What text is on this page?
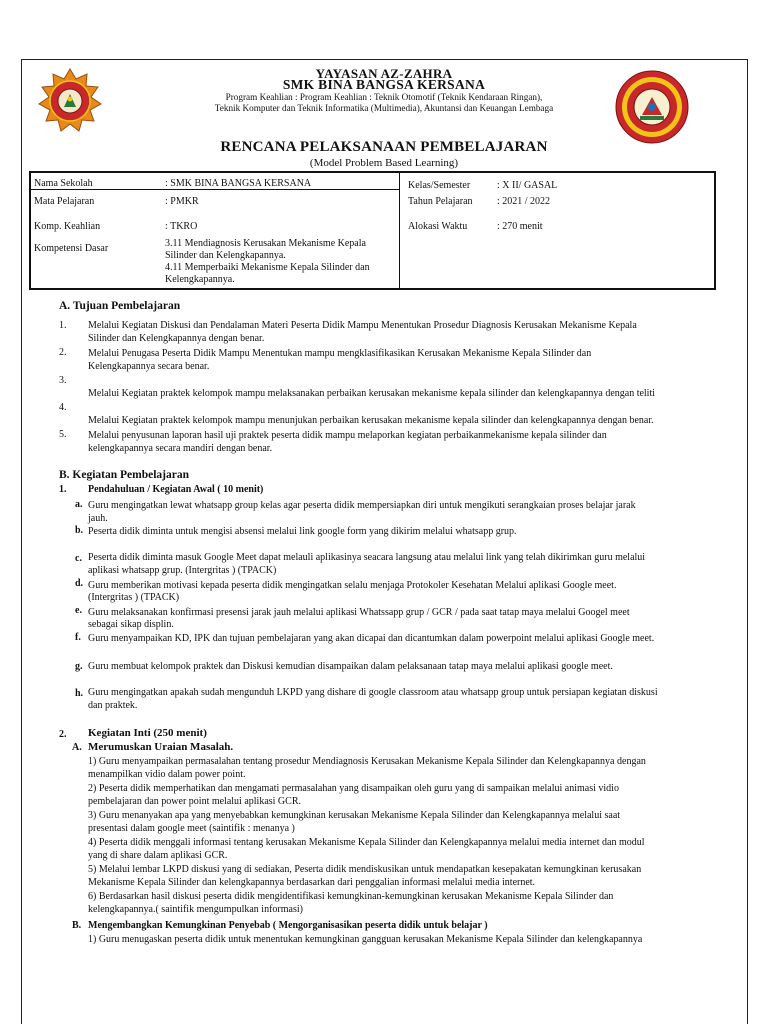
YAYASAN AZ-ZAHRA
SMK BINA BANGSA KERSANA
Program Keahlian : Program Keahlian : Teknik Otomotif (Teknik Kendaraan Ringan),
Teknik Komputer dan Teknik Informatika (Multimedia), Akuntansi dan Keuangan Lembaga
RENCANA PELAKSANAAN PEMBELAJARAN
(Model Problem Based Learning)
Nama Sekolah	: SMK BINA BANGSA KERSANA
Mata Pelajaran	: PMKR
Komp. Keahlian	: TKRO
Kompetensi Dasar	3.11 Mendiagnosis Kerusakan Mekanisme Kepala
Silinder dan Kelengkapannya.
4.11 Memperbaiki Mekanisme Kepala Silinder dan
Kelengkapannya.

Kelas/Semester	: X II/ GASAL
Tahun Pelajaran : 2021 / 2022
Alokasi Waktu	: 270 menit
A. Tujuan Pembelajaran
1. Melalui Kegiatan Diskusi dan Pendalaman Materi Peserta Didik Mampu Menentukan Prosedur Diagnosis Kerusakan Mekanisme Kepala
Silinder dan Kelengkapannya dengan benar.
2. Melalui Penugasa Peserta Didik Mampu Menentukan mampu mengklasifikasikan Kerusakan Mekanisme Kepala Silinder dan
Kelengkapannya secara benar.
3.
Melalui Kegiatan praktek kelompok mampu melaksanakan perbaikan kerusakan mekanisme kepala silinder dan kelengkapannya dengan teliti
4.
Melalui Kegiatan praktek kelompok mampu menunjukan perbaikan kerusakan mekanisme kepala silinder dan kelengkapannya dengan benar.
5. Melalui penyusunan laporan hasil uji praktek peserta didik mampu melaporkan kegiatan perbaikanmekanisme kepala silinder dan
kelengkapannya secara mandiri dengan benar.
B. Kegiatan Pembelajaran
1. Pendahuluan / Kegiatan Awal ( 10 menit)
a. Guru mengingatkan lewat whatsapp group kelas agar peserta didik mempersiapkan diri untuk mengikuti serangkaian proses belajar jarak
jauh.
b. Peserta didik diminta untuk mengisi absensi melalui link google form yang dikirim melalui whatsapp grup.
c. Peserta didik diminta masuk Google Meet dapat melauli aplikasinya seacara langsung atau melalui link yang telah dikirimkan guru melalui
aplikasi whatsapp grup. (Intergritas ) (TPACK)
d. Guru memberikan motivasi kepada peserta didik mengingatkan selalu menjaga Protokoler Kesehatan Melalui aplikasi Google meet.
(Intergritas ) (TPACK)
e. Guru melaksanakan konfirmasi presensi jarak jauh melalui aplikasi Whatssapp grup / GCR / pada saat tatap maya melalui Googel meet
sebagai sikap displin.
f. Guru menyampaikan KD, IPK dan tujuan pembelajaran yang akan dicapai dan dicantumkan dalam powerpoint melalui aplikasi Google meet.
g. Guru membuat kelompok praktek dan Diskusi kemudian disampaikan dalam pelaksanaan tatap maya melalui aplikasi google meet.
h. Guru mengingatkan apakah sudah mengunduh LKPD yang dishare di google classroom atau whatsapp group untuk persiapan kegiatan diskusi
dan praktek.
2. Kegiatan Inti (250 menit)
A. Merumuskan Uraian Masalah.
1) Guru menyampaikan permasalahan tentang prosedur Mendiagnosis Kerusakan Mekanisme Kepala Silinder dan Kelengkapannya dengan
menampilkan vidio dalam power point.
2) Peserta didik memperhatikan dan mengamati permasalahan yang disampaikan oleh guru yang di sampaikan melalui animasi vidio
pembelajaran dan power point melalui aplikasi GCR.
3) Guru menanyakan apa yang menyebabkan kemungkinan kerusakan Mekanisme Kepala Silinder dan Kelengkapannya melalui saat
presentasi dalam google meet (saintifik : menanya )
4) Peserta didik menggali informasi tentang kerusakan Mekanisme Kepala Silinder dan Kelengkapannya melalui media internet dan modul
yang di share dalam aplikasi GCR.
5) Melalui lembar LKPD diskusi yang di sediakan, Peserta didik mendiskusikan untuk mendapatkan kesepakatan kemungkinan kerusakan
Mekanisme Kepala Silinder dan kelengkapannya berdasarkan dari penggalian informasi melalui media internet.
6) Berdasarkan hasil diskusi peserta didik mengidentifikasi kemungkinan-kemungkinan kerusakan Mekanisme Kepala Silinder dan
kelengkapannya.( saintifik mengumpulkan informasi)
B. Mengembangkan Kemungkinan Penyebab ( Mengorganisasikan peserta didik untuk belajar )
1) Guru menugaskan peserta didik untuk menentukan kemungkinan gangguan kerusakan Mekanisme Kepala Silinder dan kelengkapannya
